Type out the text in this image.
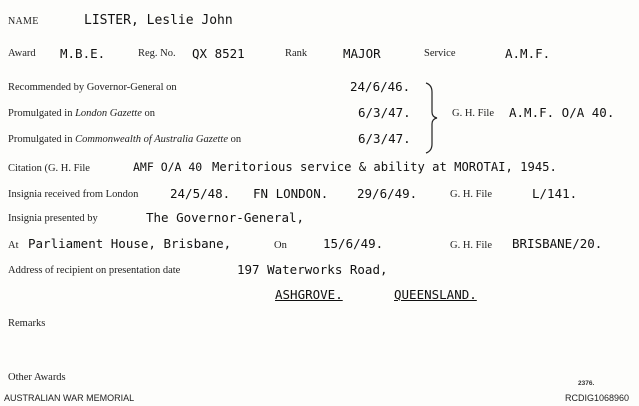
NAME	LISTER, Leslie John
Award M.B.E.	Reg. No. QX 8521	Rank	MAJOR	Service	A.M.F.
Recommended by Governor-General on	24/6/46.
Promulgated in London Gazette on	6/3/47.	G. H. File A.M.F. O/A 40.
Promulgated in Commonwealth of Australia Gazette on	6/3/47.
Citation (G. H. File	AMF O/A 40 Meritorious service & ability at MOROTAI, 1945.
Insignia received from London	24/5/48. FN LONDON. 29/6/49.	G. H. File	L/141.
Insignia presented by	The Governor-General,
At Parliament House, Brisbane,	On	15/6/49.	G. H. File BRISBANE/20.
Address of recipient on presentation date	197 Waterworks Road,
ASHGROVE.	QUEENSLAND.
Remarks
Other Awards
2376.
AUSTRALIAN WAR MEMORIAL	RCDIG1068960
